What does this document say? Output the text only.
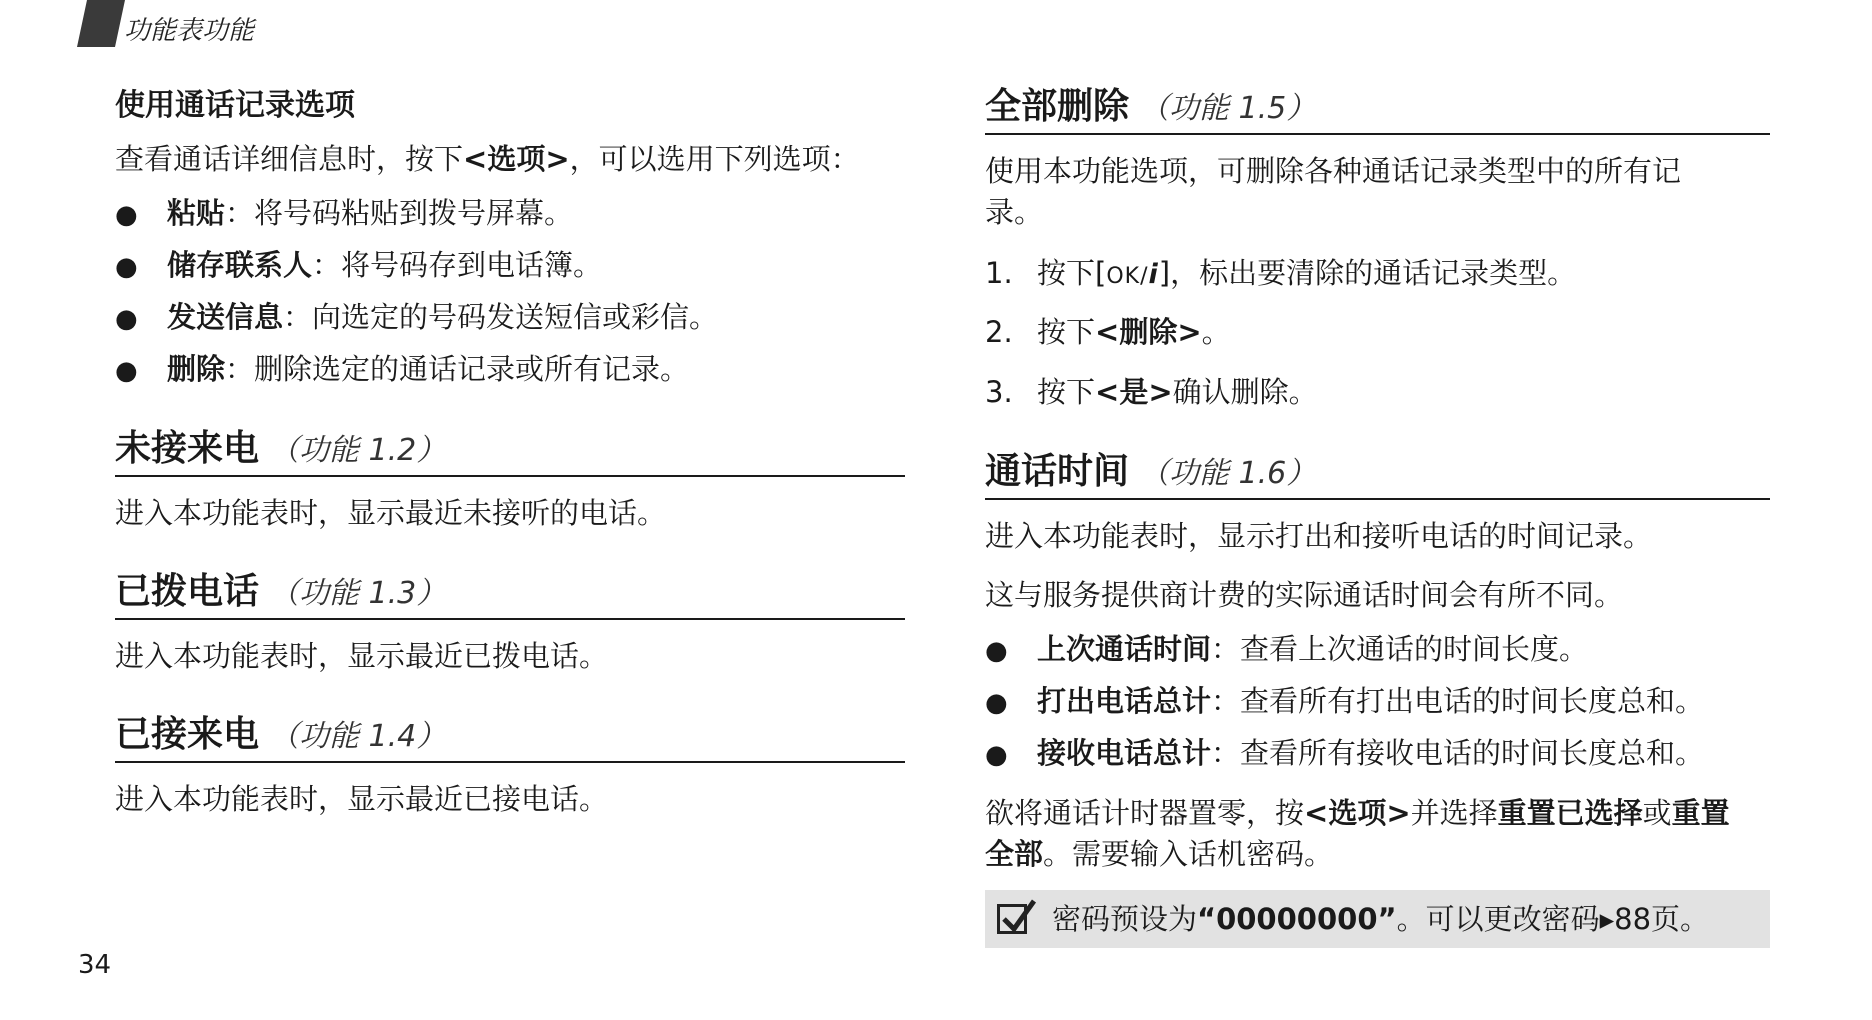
功能表功能
使用通话记录选项
查看通话详细信息时，按下<选项>，可以选用下列选项：
● 粘贴：将号码粘贴到拨号屏幕。
● 储存联系人：将号码存到电话簿。
● 发送信息：向选定的号码发送短信或彩信。
● 删除：删除选定的通话记录或所有记录。
未接来电 （功能 1.2）
进入本功能表时，显示最近未接听的电话。
已拨电话 （功能 1.3）
进入本功能表时，显示最近已拨电话。
已接来电 （功能 1.4）
进入本功能表时，显示最近已接电话。
全部删除 （功能 1.5）
使用本功能选项，可删除各种通话记录类型中的所有记
录。
1. 按下[OK/i]，标出要清除的通话记录类型。
2. 按下<删除>。
3. 按下<是>确认删除。
通话时间 （功能 1.6）
进入本功能表时，显示打出和接听电话的时间记录。
这与服务提供商计费的实际通话时间会有所不同。
● 上次通话时间：查看上次通话的时间长度。
● 打出电话总计：查看所有打出电话的时间长度总和。
● 接收电话总计：查看所有接收电话的时间长度总和。
欲将通话计时器置零，按<选项>并选择重置已选择或重置
全部。需要输入话机密码。
密码预设为“00000000”。可以更改密码▸88页。
34
